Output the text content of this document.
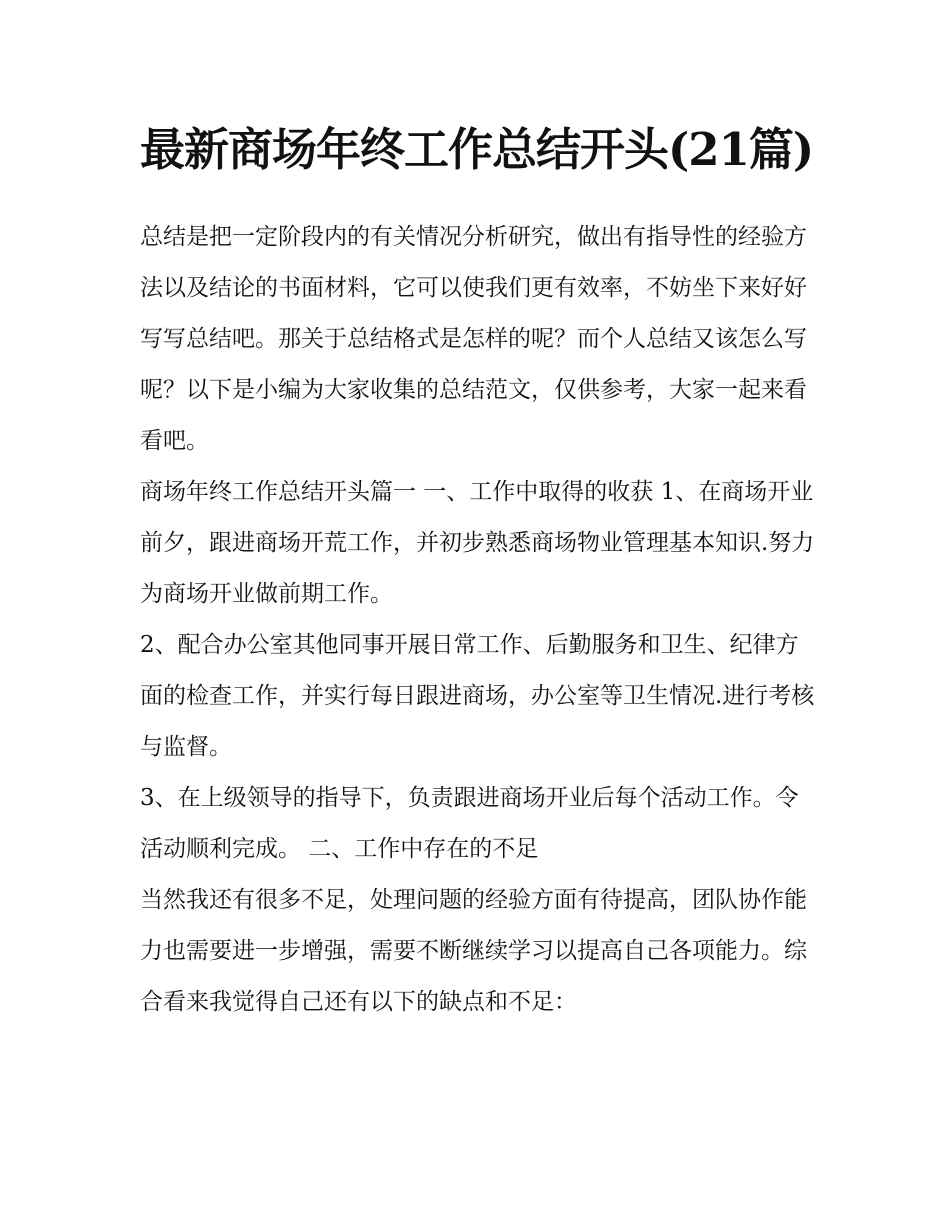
最新商场年终工作总结开头(21篇)

总结是把一定阶段内的有关情况分析研究，做出有指导性的经验方法以及结论的书面材料，它可以使我们更有效率，不妨坐下来好好写写总结吧。那关于总结格式是怎样的呢？而个人总结又该怎么写呢？以下是小编为大家收集的总结范文，仅供参考，大家一起来看看吧。

商场年终工作总结开头篇一 一、工作中取得的收获 1、在商场开业前夕，跟进商场开荒工作，并初步熟悉商场物业管理基本知识.努力为商场开业做前期工作。

2、配合办公室其他同事开展日常工作、后勤服务和卫生、纪律方面的检查工作，并实行每日跟进商场，办公室等卫生情况.进行考核与监督。

3、在上级领导的指导下，负责跟进商场开业后每个活动工作。令活动顺利完成。 二、工作中存在的不足

当然我还有很多不足，处理问题的经验方面有待提高，团队协作能力也需要进一步增强，需要不断继续学习以提高自己各项能力。综合看来我觉得自己还有以下的缺点和不足：
